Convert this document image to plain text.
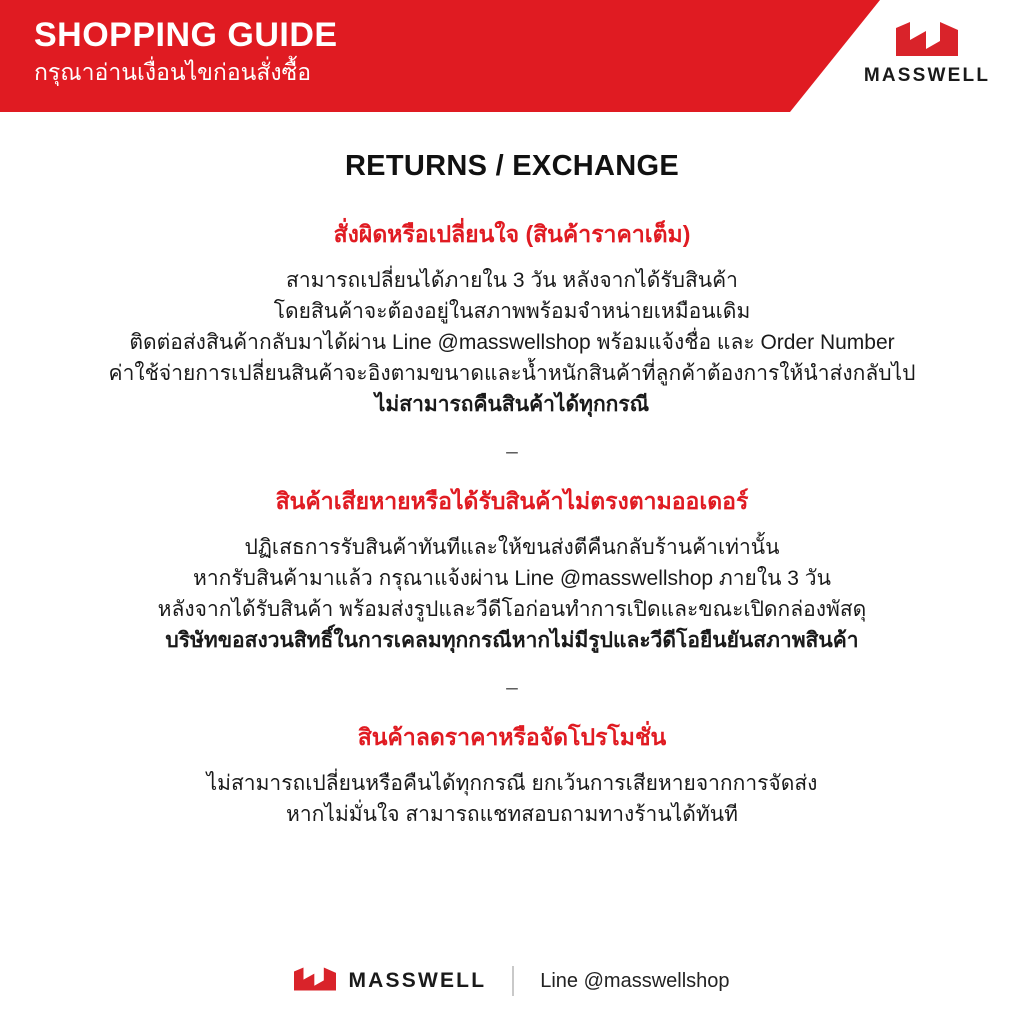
SHOPPING GUIDE
กรุณาอ่านเงื่อนไขก่อนสั่งซื้อ	MASSWELL
RETURNS / EXCHANGE
สั่งผิดหรือเปลี่ยนใจ (สินค้าราคาเต็ม)

สามารถเปลี่ยนได้ภายใน 3 วัน หลังจากได้รับสินค้า

โดยสินค้าจะต้องอยู่ในสภาพพร้อมจำหน่ายเหมือนเดิม

ติดต่อส่งสินค้ากลับมาได้ผ่าน Line @masswellshop พร้อมแจ้งชื่อ และ Order Number

ค่าใช้จ่ายการเปลี่ยนสินค้าจะอิงตามขนาดและน้ำหนักสินค้าที่ลูกค้าต้องการให้นำส่งกลับไป

ไม่สามารถคืนสินค้าได้ทุกกรณี

–
สินค้าเสียหายหรือได้รับสินค้าไม่ตรงตามออเดอร์

ปฏิเสธการรับสินค้าทันทีและให้ขนส่งตีคืนกลับร้านค้าเท่านั้น

หากรับสินค้ามาแล้ว กรุณาแจ้งผ่าน Line @masswellshop ภายใน 3 วัน

หลังจากได้รับสินค้า พร้อมส่งรูปและวีดีโอก่อนทำการเปิดและขณะเปิดกล่องพัสดุ

บริษัทขอสงวนสิทธิ์ในการเคลมทุกกรณีหากไม่มีรูปและวีดีโอยืนยันสภาพสินค้า

–
สินค้าลดราคาหรือจัดโปรโมชั่น

ไม่สามารถเปลี่ยนหรือคืนได้ทุกกรณี ยกเว้นการเสียหายจากการจัดส่ง

หากไม่มั่นใจ สามารถแชทสอบถามทางร้านได้ทันที

MASSWELL	Line @masswellshop
